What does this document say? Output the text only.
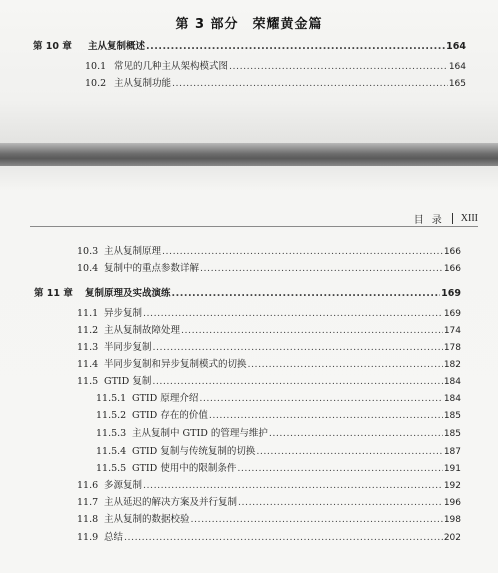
第 3 部分　荣耀黄金篇
第 10 章	主从复制概述 .....	164
10.1 常见的几种主从架构模式图 .....	164
10.2 主从复制功能 .....	165
目录 XIII
10.3 主从复制原理 .....	166
10.4 复制中的重点参数详解 .....	166
第 11 章	复制原理及实战演练 .....	169
11.1 异步复制 .....	169
11.2 主从复制故障处理 .....	174
11.3 半同步复制 .....	178
11.4 半同步复制和异步复制模式的切换 .....	182
11.5 GTID 复制 .....	184
11.5.1 GTID 原理介绍 .....	184
11.5.2 GTID 存在的价值 .....	185
11.5.3 主从复制中 GTID 的管理与维护 .....	185
11.5.4 GTID 复制与传统复制的切换 .....	187
11.5.5 GTID 使用中的限制条件 .....	191
11.6 多源复制 .....	192
11.7 主从延迟的解决方案及并行复制 .....	196
11.8 主从复制的数据校验 .....	198
11.9 总结 .....	202
